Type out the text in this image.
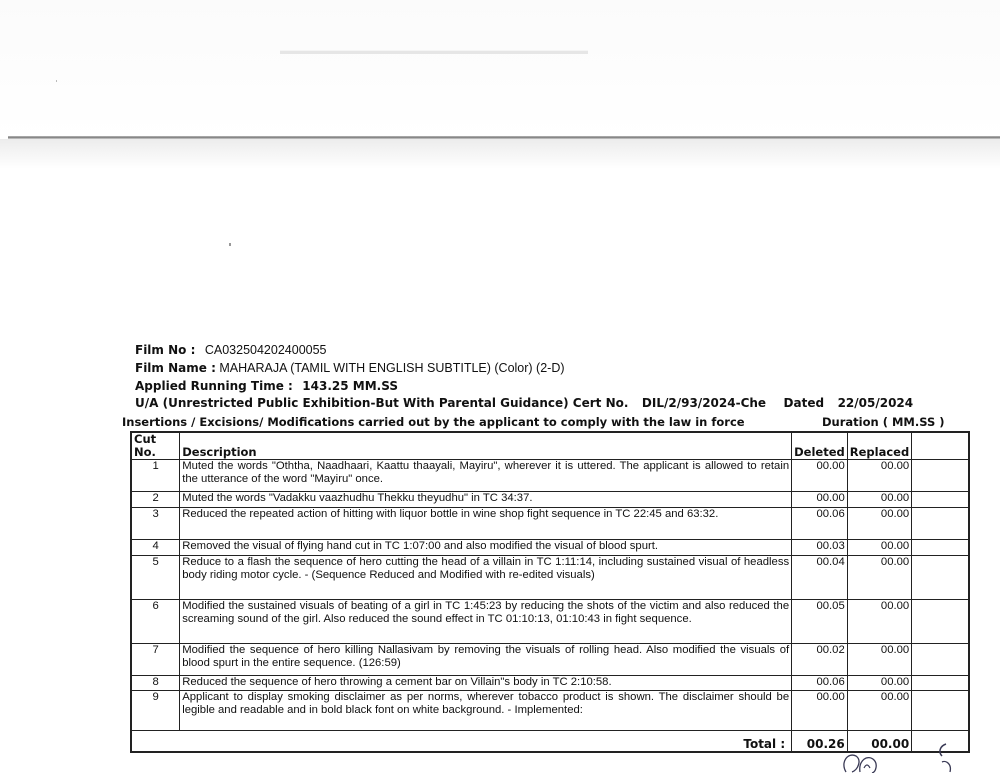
▬▬▬▬▬▬▬▬▬▬▬▬▬▬▬▬▬▬▬▬▬▬▬▬▬▬▬▬
Film No : CA032504202400055
Film Name : MAHARAJA (TAMIL WITH ENGLISH SUBTITLE) (Color) (2-D)
Applied Running Time : 143.25 MM.SS
U/A (Unrestricted Public Exhibition-But With Parental Guidance) Cert No. DIL/2/93/2024-Che Dated 22/05/2024
Insertions / Excisions/ Modifications carried out by the applicant to comply with the law in force	Duration ( MM.SS )
Cut No.	Description	Deleted	Replaced	
1	Muted the words "Oththa, Naadhaari, Kaattu thaayali, Mayiru", wherever it is uttered. The applicant is allowed to retain the utterance of the word "Mayiru" once.	00.00	00.00	
2	Muted the words "Vadakku vaazhudhu Thekku theyudhu" in TC 34:37.	00.00	00.00	
3	Reduced the repeated action of hitting with liquor bottle in wine shop fight sequence in TC 22:45 and 63:32.	00.06	00.00	
4	Removed the visual of flying hand cut in TC 1:07:00 and also modified the visual of blood spurt.	00.03	00.00	
5	Reduce to a flash the sequence of hero cutting the head of a villain in TC 1:11:14, including sustained visual of headless body riding motor cycle. - (Sequence Reduced and Modified with re-edited visuals)	00.04	00.00	
6	Modified the sustained visuals of beating of a girl in TC 1:45:23 by reducing the shots of the victim and also reduced the screaming sound of the girl. Also reduced the sound effect in TC 01:10:13, 01:10:43 in fight sequence.	00.05	00.00	
7	Modified the sequence of hero killing Nallasivam by removing the visuals of rolling head. Also modified the visuals of blood spurt in the entire sequence. (126:59)	00.02	00.00	
8	Reduced the sequence of hero throwing a cement bar on Villain"s body in TC 2:10:58.	00.06	00.00	
9	Applicant to display smoking disclaimer as per norms, wherever tobacco product is shown. The disclaimer should be legible and readable and in bold black font on white background. - Implemented:	00.00	00.00	
Total :		00.26	00.00	
